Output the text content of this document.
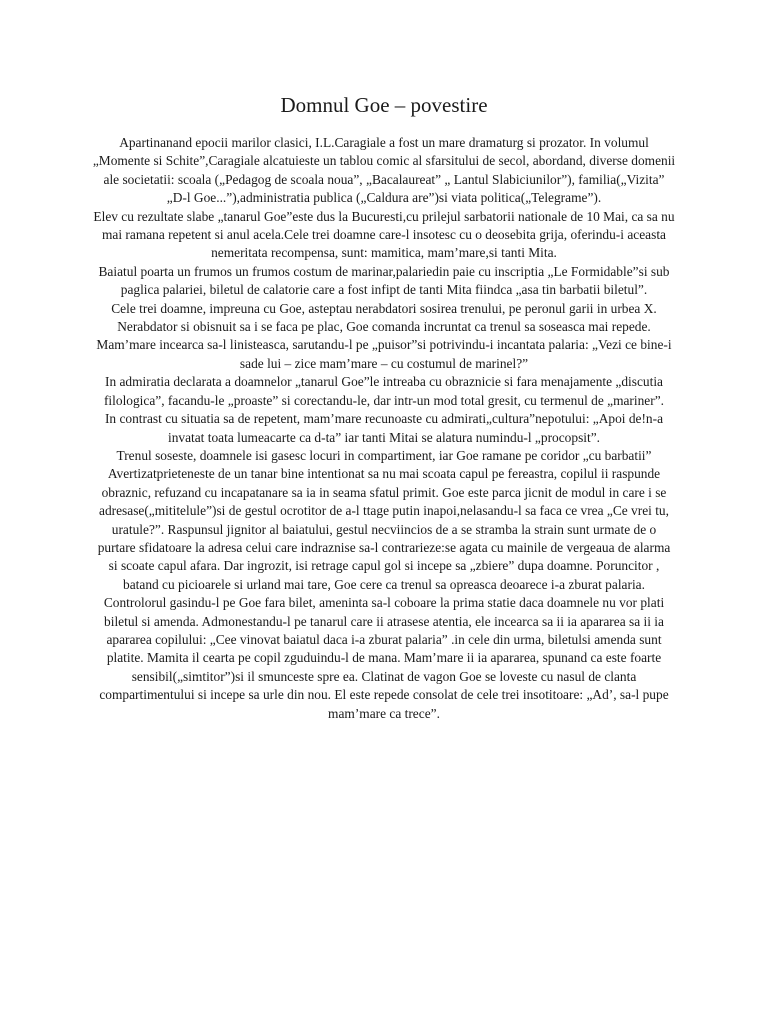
Domnul Goe – povestire

Apartinanand epocii marilor clasici, I.L.Caragiale a fost un mare dramaturg si prozator. In volumul „Momente si Schite”,Caragiale alcatuieste un tablou comic al sfarsitului de secol, abordand, diverse domenii ale societatii: scoala („Pedagog de scoala noua”, „Bacalaureat” „ Lantul Slabiciunilor”), familia(„Vizita” „D-l Goe...”),administratia publica („Caldura are”)si viata politica(„Telegrame”).

Elev cu rezultate slabe „tanarul Goe”este dus la Bucuresti,cu prilejul sarbatorii nationale de 10 Mai, ca sa nu mai ramana repetent si anul acela.Cele trei doamne care-l insotesc cu o deosebita grija, oferindu-i aceasta nemeritata recompensa, sunt: mamitica, mam’mare,si tanti Mita.

Baiatul poarta un frumos un frumos costum de marinar,palariedin paie cu inscriptia „Le Formidable”si sub paglica palariei, biletul de calatorie care a fost infipt de tanti Mita fiindca „asa tin barbatii biletul”.

Cele trei doamne, impreuna cu Goe, asteptau nerabdatori sosirea trenului, pe peronul garii in urbea X. Nerabdator si obisnuit sa i se faca pe plac, Goe comanda incruntat ca trenul sa soseasca mai repede. Mam’mare incearca sa-l linisteasca, sarutandu-l pe „puisor”si potrivindu-i incantata palaria: „Vezi ce bine-i sade lui – zice mam’mare – cu costumul de marinel?”

In admiratia declarata a doamnelor „tanarul Goe”le intreaba cu obraznicie si fara menajamente „discutia filologica”, facandu-le „proaste” si corectandu-le, dar intr-un mod total gresit, cu termenul de „mariner”.

In contrast cu situatia sa de repetent, mam’mare recunoaste cu admirati„cultura”nepotului: „Apoi de!n-a invatat toata lumeacarte ca d-ta” iar tanti Mitai se alatura numindu-l „procopsit”.

Trenul soseste, doamnele isi gasesc locuri in compartiment, iar Goe ramane pe coridor „cu barbatii”

Avertizatprieteneste de un tanar bine intentionat sa nu mai scoata capul pe fereastra, copilul ii raspunde obraznic, refuzand cu incapatanare sa ia in seama sfatul primit. Goe este parca jicnit de modul in care i se adresase(„mititelule”)si de gestul ocrotitor de a-l ttage putin inapoi,nelasandu-l sa faca ce vrea „Ce vrei tu, uratule?”. Raspunsul jignitor al baiatului, gestul necviincios de a se stramba la strain sunt urmate de o purtare sfidatoare la adresa celui care indraznise sa-l contrarieze:se agata cu mainile de vergeaua de alarma si scoate capul afara. Dar ingrozit, isi retrage capul gol si incepe sa „zbiere” dupa doamne. Poruncitor , batand cu picioarele si urland mai tare, Goe cere ca trenul sa opreasca deoarece i-a zburat palaria. Controlorul gasindu-l pe Goe fara bilet, ameninta sa-l coboare la prima statie daca doamnele nu vor plati biletul si amenda. Admonestandu-l pe tanarul care ii atrasese atentia, ele incearca sa ii ia apararea sa ii ia apararea copilului: „Cee vinovat baiatul daca i-a zburat palaria” .in cele din urma, biletulsi amenda sunt platite. Mamita il cearta pe copil zguduindu-l de mana. Mam’mare ii ia apararea, spunand ca este foarte sensibil(„simtitor”)si il smunceste spre ea. Clatinat de vagon Goe se loveste cu nasul de clanta compartimentului si incepe sa urle din nou. El este repede consolat de cele trei insotitoare: „Ad’, sa-l pupe mam’mare ca trece”.
